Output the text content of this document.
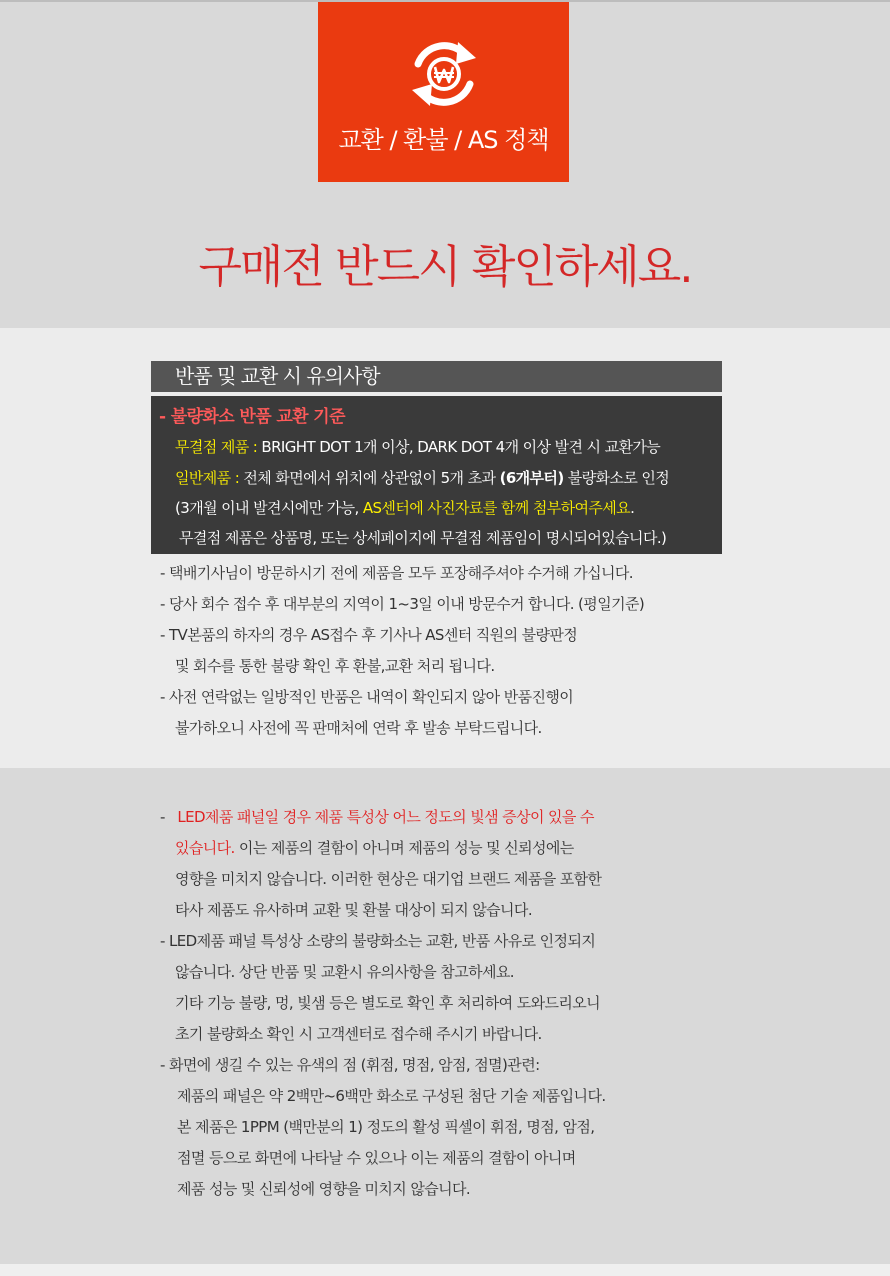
교환 / 환불 / AS 정책
구매전 반드시 확인하세요.
반품 및 교환 시 유의사항
- 불량화소 반품 교환 기준
무결점 제품 : BRIGHT DOT 1개 이상, DARK DOT 4개 이상 발견 시 교환가능
일반제품 : 전체 화면에서 위치에 상관없이 5개 초과 (6개부터) 불량화소로 인정
(3개월 이내 발견시에만 가능, AS센터에 사진자료를 함께 첨부하여주세요.
무결점 제품은 상품명, 또는 상세페이지에 무결점 제품임이 명시되어있습니다.)
- 택배기사님이 방문하시기 전에 제품을 모두 포장해주셔야 수거해 가십니다.
- 당사 회수 접수 후 대부분의 지역이 1~3일 이내 방문수거 합니다. (평일기준)
- TV본품의 하자의 경우 AS접수 후 기사나 AS센터 직원의 불량판정
및 회수를 통한 불량 확인 후 환불,교환 처리 됩니다.
- 사전 연락없는 일방적인 반품은 내역이 확인되지 않아 반품진행이
불가하오니 사전에 꼭 판매처에 연락 후 발송 부탁드립니다.
- LED제품 패널일 경우 제품 특성상 어느 정도의 빛샘 증상이 있을 수
있습니다. 이는 제품의 결함이 아니며 제품의 성능 및 신뢰성에는
영향을 미치지 않습니다. 이러한 현상은 대기업 브랜드 제품을 포함한
타사 제품도 유사하며 교환 및 환불 대상이 되지 않습니다.
- LED제품 패널 특성상 소량의 불량화소는 교환, 반품 사유로 인정되지
않습니다. 상단 반품 및 교환시 유의사항을 참고하세요.
기타 기능 불량, 멍, 빛샘 등은 별도로 확인 후 처리하여 도와드리오니
초기 불량화소 확인 시 고객센터로 접수해 주시기 바랍니다.
- 화면에 생길 수 있는 유색의 점 (휘점, 명점, 암점, 점멸)관련:
제품의 패널은 약 2백만~6백만 화소로 구성된 첨단 기술 제품입니다.
본 제품은 1PPM (백만분의 1) 정도의 활성 픽셀이 휘점, 명점, 암점,
점멸 등으로 화면에 나타날 수 있으나 이는 제품의 결함이 아니며
제품 성능 및 신뢰성에 영향을 미치지 않습니다.
